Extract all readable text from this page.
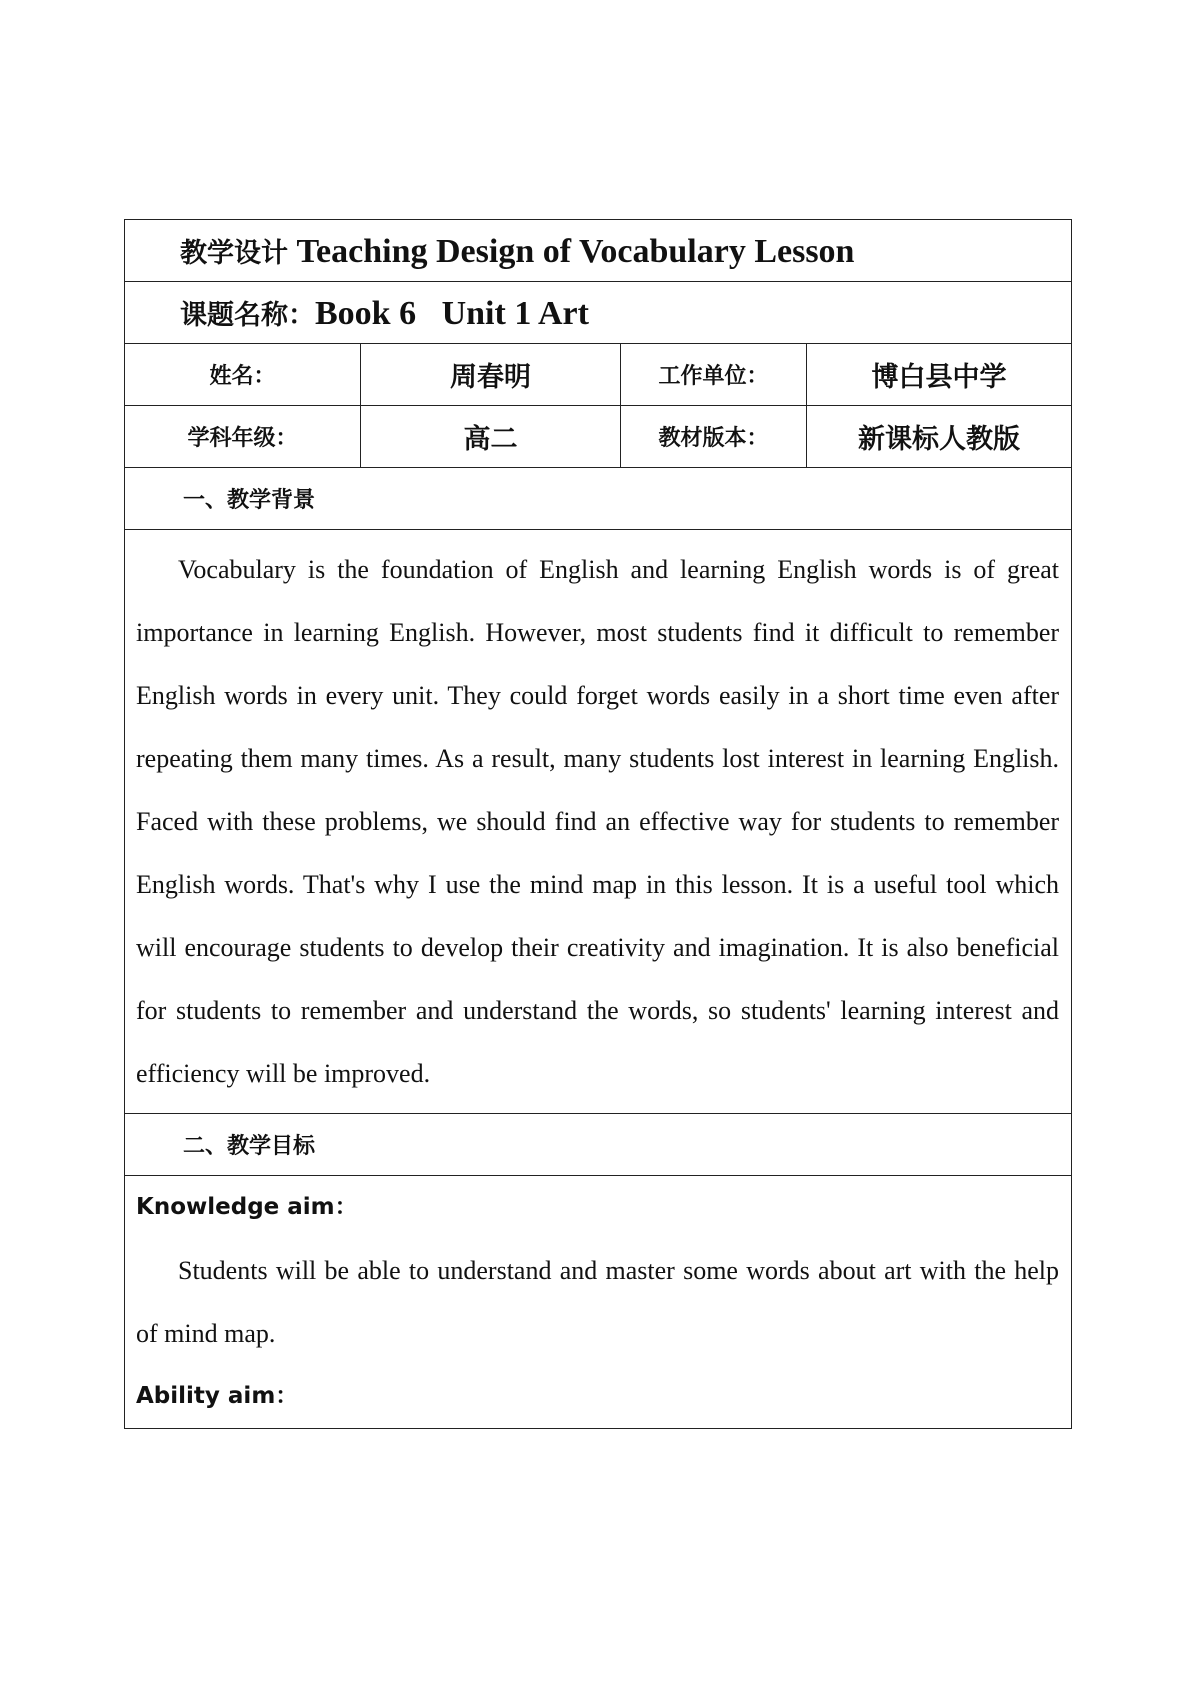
教学设计 Teaching Design of Vocabulary Lesson			
课题名称：Book 6   Unit 1 Art			
姓名：	周春明	工作单位：	博白县中学
学科年级：	高二	教材版本：	新课标人教版
一、教学背景			

Vocabulary is the foundation of English and learning English words is of great importance in learning English. However, most students find it difficult to remember English words in every unit. They could forget words easily in a short time even after repeating them many times. As a result, many students lost interest in learning English. Faced with these problems, we should find an effective way for students to remember English words. That's why I use the mind map in this lesson. It is a useful tool which will encourage students to develop their creativity and imagination. It is also beneficial for students to remember and understand the words, so students' learning interest and efficiency will be improved.			

二、教学目标			

Knowledge aim：

Students will be able to understand and master some words about art with the help of mind map.

Ability aim：			
